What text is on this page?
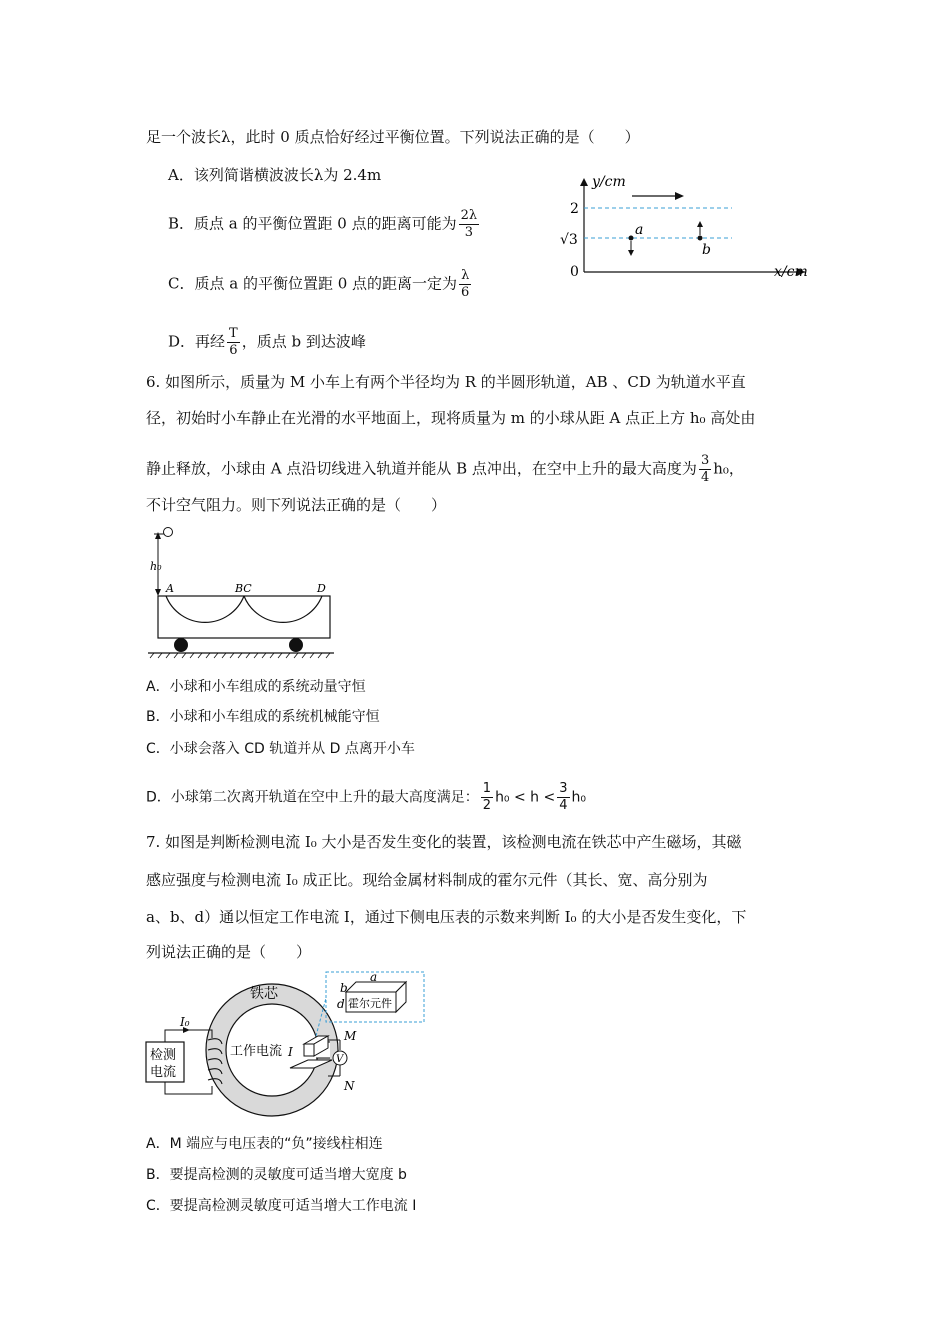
足一个波长λ，此时 0 质点恰好经过平衡位置。下列说法正确的是（　　）
A．该列简谐横波波长λ为 2.4m
B．质点 a 的平衡位置距 0 点的距离可能为 $\frac{2\lambda}{3}$
C．质点 a 的平衡位置距 0 点的距离一定为 $\frac{\lambda}{6}$
D．再经 $\frac{T}{6}$ ，质点 b 到达波峰
y/cm
x/cm
2
√3
0
a
b
6. 如图所示，质量为 M 小车上有两个半径均为 R 的半圆形轨道，AB 、CD 为轨道水平直
径，初始时小车静止在光滑的水平地面上，现将质量为 m 的小球从距 A 点正上方 h₀ 高处由
静止释放，小球由 A 点沿切线进入轨道并能从 B 点冲出，在空中上升的最大高度为 $\frac{3}{4} h_0$，
不计空气阻力。则下列说法正确的是（　　）
h₀
A	BC	D
A．小球和小车组成的系统动量守恒
B．小球和小车组成的系统机械能守恒
C．小球会落入 CD 轨道并从 D 点离开小车
D．小球第二次离开轨道在空中上升的最大高度满足： $\frac{1}{2} h_0 < h < \frac{3}{4} h_0$
7. 如图是判断检测电流 I₀ 大小是否发生变化的装置，该检测电流在铁芯中产生磁场，其磁
感应强度与检测电流 I₀ 成正比。现给金属材料制成的霍尔元件（其长、宽、高分别为
a、b、d）通以恒定工作电流 I，通过下侧电压表的示数来判断 I₀ 的大小是否发生变化，下
列说法正确的是（　　）
检测
电流
I₀
铁芯
工作电流 I
V
M
N
霍尔元件
a
b
d
A．M 端应与电压表的“负”接线柱相连
B．要提高检测的灵敏度可适当增大宽度 b
C．要提高检测灵敏度可适当增大工作电流 I
